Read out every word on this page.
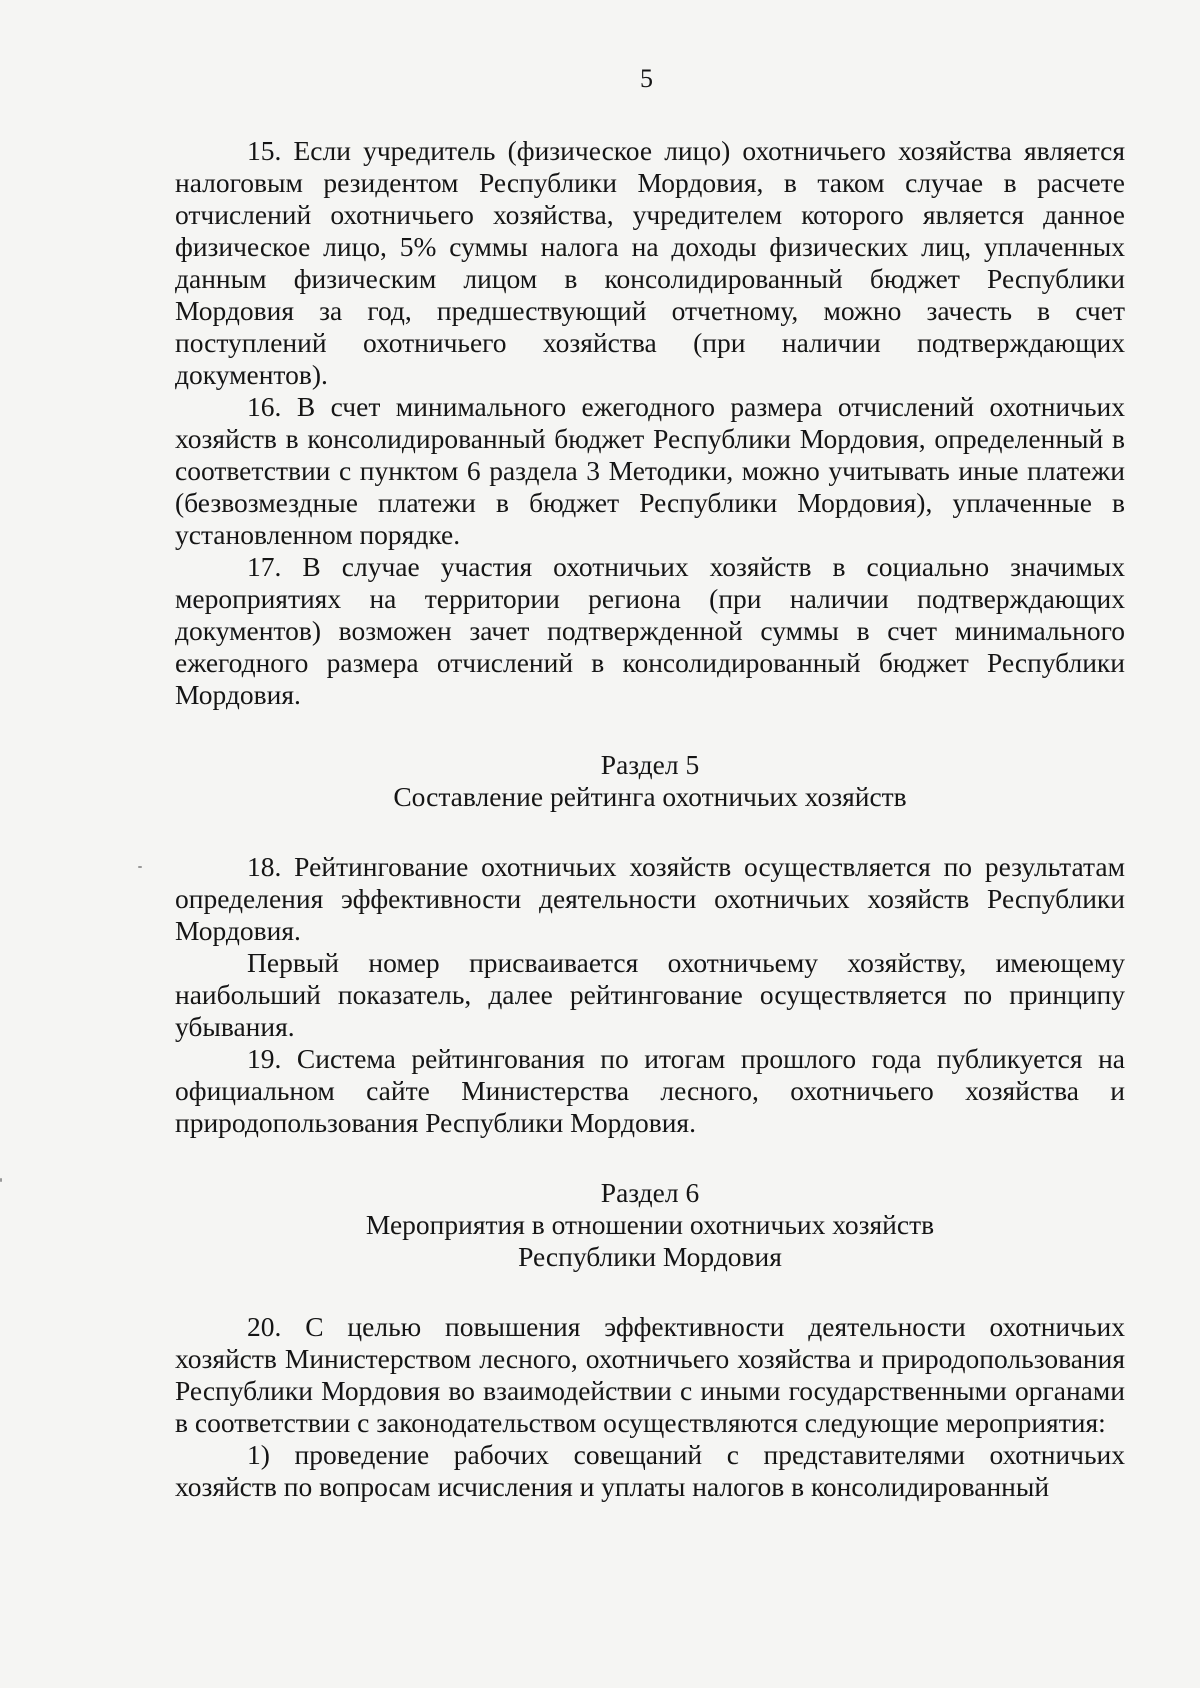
5

15. Если учредитель (физическое лицо) охотничьего хозяйства является налоговым резидентом Республики Мордовия, в таком случае в расчете отчислений охотничьего хозяйства, учредителем которого является данное физическое лицо, 5% суммы налога на доходы физических лиц, уплаченных данным физическим лицом в консолидированный бюджет Республики Мордовия за год, предшествующий отчетному, можно зачесть в счет поступлений охотничьего хозяйства (при наличии подтверждающих документов).

16. В счет минимального ежегодного размера отчислений охотничьих хозяйств в консолидированный бюджет Республики Мордовия, определенный в соответствии с пунктом 6 раздела 3 Методики, можно учитывать иные платежи (безвозмездные платежи в бюджет Республики Мордовия), уплаченные в установленном порядке.

17. В случае участия охотничьих хозяйств в социально значимых мероприятиях на территории региона (при наличии подтверждающих документов) возможен зачет подтвержденной суммы в счет минимального ежегодного размера отчислений в консолидированный бюджет Республики Мордовия.

Раздел 5

Составление рейтинга охотничьих хозяйств

18. Рейтингование охотничьих хозяйств осуществляется по результатам определения эффективности деятельности охотничьих хозяйств Республики Мордовия.

Первый номер присваивается охотничьему хозяйству, имеющему наибольший показатель, далее рейтингование осуществляется по принципу убывания.

19. Система рейтингования по итогам прошлого года публикуется на официальном сайте Министерства лесного, охотничьего хозяйства и природопользования Республики Мордовия.

Раздел 6

Мероприятия в отношении охотничьих хозяйств

Республики Мордовия

20. С целью повышения эффективности деятельности охотничьих хозяйств Министерством лесного, охотничьего хозяйства и природопользования Республики Мордовия во взаимодействии с иными государственными органами в соответствии с законодательством осуществляются следующие мероприятия:

1) проведение рабочих совещаний с представителями охотничьих хозяйств по вопросам исчисления и уплаты налогов в консолидированный
